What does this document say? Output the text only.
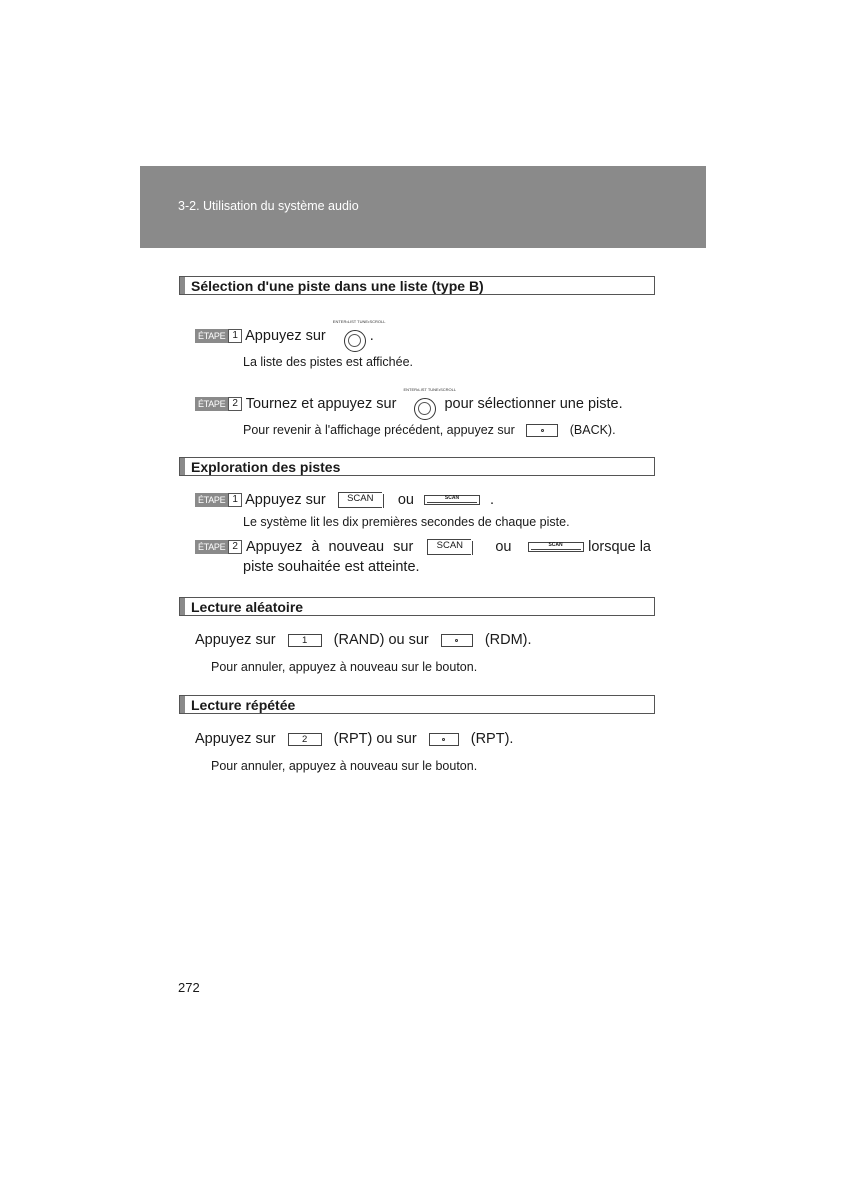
3-2. Utilisation du système audio
Sélection d'une piste dans une liste (type B)
ÉTAPE 1 Appuyez sur
ENTER•LIST TUNE•SCROLL
.
La liste des pistes est affichée.
ÉTAPE 2 Tournez et appuyez sur
ENTER•LIST TUNE•SCROLL
pour sélectionner une piste.
Pour revenir à l'affichage précédent, appuyez sur	(BACK).
Exploration des pistes
ÉTAPE 1 Appuyez sur SCAN ou	SCAN .
Le système lit les dix premières secondes de chaque piste.
ÉTAPE 2 Appuyez à nouveau sur SCAN ou	SCAN lorsque la
piste souhaitée est atteinte.
Lecture aléatoire
Appuyez sur	1 (RAND) ou sur	(RDM).
Pour annuler, appuyez à nouveau sur le bouton.
Lecture répétée
Appuyez sur	2 (RPT) ou sur	(RPT).
Pour annuler, appuyez à nouveau sur le bouton.
272
